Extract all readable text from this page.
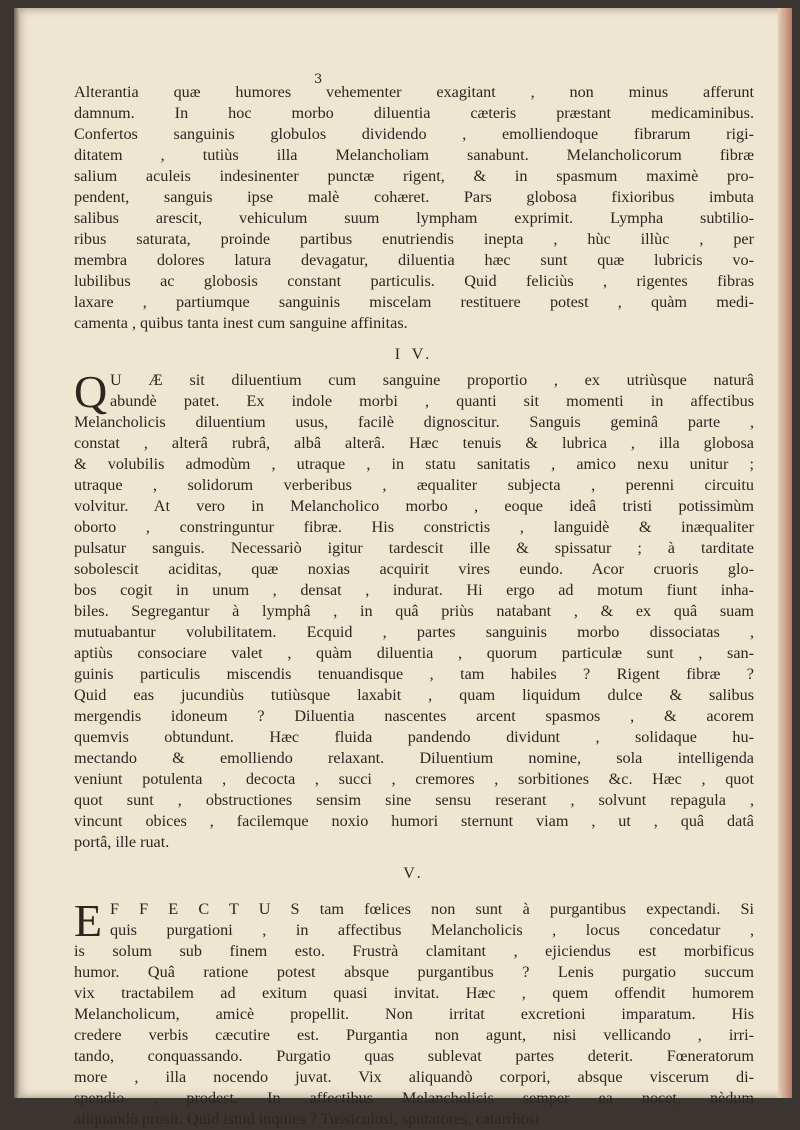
3
Alterantia quæ humores vehementer exagitant , non minus afferunt
damnum. In hoc morbo diluentia cæteris præstant medicaminibus.
Confertos sanguinis globulos dividendo , emolliendoque fibrarum rigi-
ditatem , tutiùs illa Melancholiam sanabunt. Melancholicorum fibræ
salium aculeis indesinenter punctæ rigent, & in spasmum maximè pro-
pendent, sanguis ipse malè cohæret. Pars globosa fixioribus imbuta
salibus arescit, vehiculum suum lympham exprimit. Lympha subtilio-
ribus saturata, proinde partibus enutriendis inepta , hùc illùc , per
membra dolores latura devagatur, diluentia hæc sunt quæ lubricis vo-
lubilibus ac globosis constant particulis. Quid feliciùs , rigentes fibras
laxare , partiumque sanguinis miscelam restituere potest , quàm medi-
camenta , quibus tanta inest cum sanguine affinitas.
I V.
Q U Æ sit diluentium cum sanguine proportio , ex utriùsque naturâ
abundè patet. Ex indole morbi , quanti sit momenti in affectibus
Melancholicis diluentium usus, facilè dignoscitur. Sanguis geminâ parte ,
constat , alterâ rubrâ, albâ alterâ. Hæc tenuis & lubrica , illa globosa
& volubilis admodùm , utraque , in statu sanitatis , amico nexu unitur ;
utraque , solidorum verberibus , æqualiter subjecta , perenni circuitu
volvitur. At vero in Melancholico morbo , eoque ideâ tristi potissimùm
oborto , constringuntur fibræ. His constrictis , languidè & inæqualiter
pulsatur sanguis. Necessariò igitur tardescit ille & spissatur ; à tarditate
sobolescit aciditas, quæ noxias acquirit vires eundo. Acor cruoris glo-
bos cogit in unum , densat , indurat. Hi ergo ad motum fiunt inha-
biles. Segregantur à lymphâ , in quâ priùs natabant , & ex quâ suam
mutuabantur volubilitatem. Ecquid , partes sanguinis morbo dissociatas ,
aptiùs consociare valet , quàm diluentia , quorum particulæ sunt , san-
guinis particulis miscendis tenuandisque , tam habiles ? Rigent fibræ ?
Quid eas jucundiùs tutiùsque laxabit , quam liquidum dulce & salibus
mergendis idoneum ? Diluentia nascentes arcent spasmos , & acorem
quemvis obtundunt. Hæc fluida pandendo dividunt , solidaque hu-
mectando & emolliendo relaxant. Diluentium nomine, sola intelligenda
veniunt potulenta , decocta , succi , cremores , sorbitiones &c. Hæc , quot
quot sunt , obstructiones sensim sine sensu reserant , solvunt repagula ,
vincunt obices , facilemque noxio humori sternunt viam , ut , quâ datâ
portâ, ille ruat.
V.
E F F E C T U S tam fœlices non sunt à purgantibus expectandi. Si
quis purgationi , in affectibus Melancholicis , locus concedatur ,
is solum sub finem esto. Frustrà clamitant , ejiciendus est morbificus
humor. Quâ ratione potest absque purgantibus ? Lenis purgatio succum
vix tractabilem ad exitum quasi invitat. Hæc , quem offendit humorem
Melancholicum, amicè propellit. Non irritat excretioni imparatum. His
credere verbis cæcutire est. Purgantia non agunt, nisi vellicando , irri-
tando, conquassando. Purgatio quas sublevat partes deterit. Fœneratorum
more , illa nocendo juvat. Vix aliquandò corpori, absque viscerum di-
spendio , prodest. In affectibus Melancholicis semper ea nocet, nèdum
aliquandò prosit. Quid istud inquies ? Tussiculosi, sputatores, catarrhosi
